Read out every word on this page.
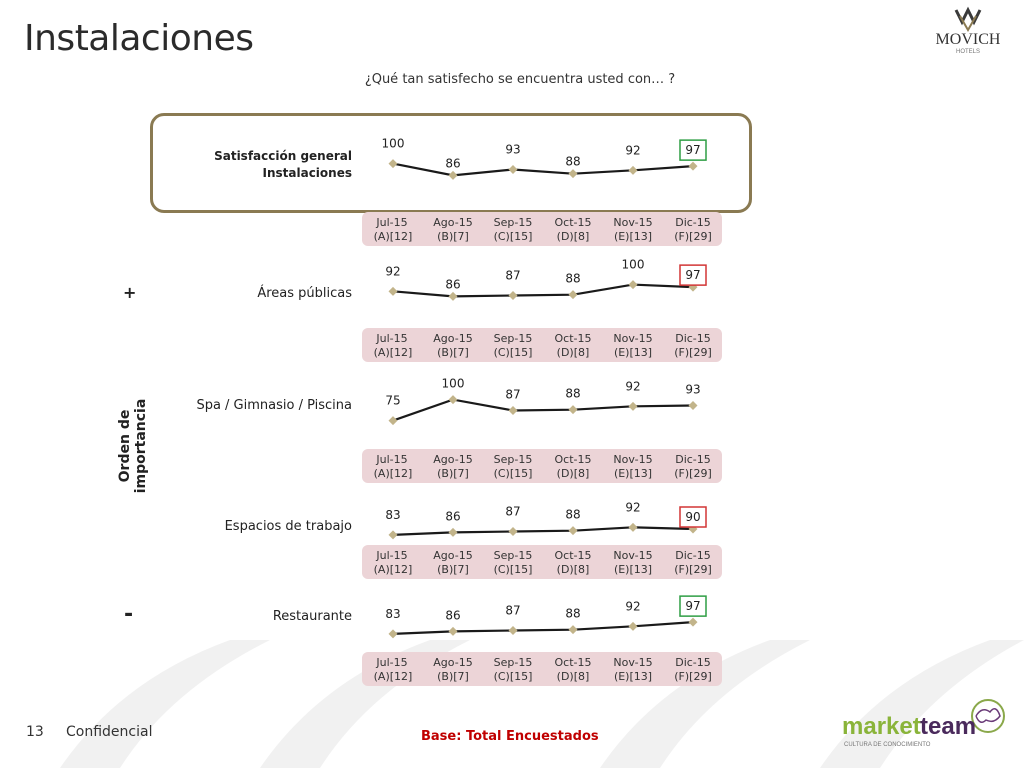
Instalaciones	MOVICH
HOTELS
¿Qué tan satisfecho se encuentra usted con… ?
+
-
Orden de importancia
Satisfacción general
Instalaciones
Áreas públicas
Spa / Gimnasio / Piscina
Espacios de trabajo
Restaurante
100
86
93
88
92	97
Jul-15
(A)[12]
Ago-15
(B)[7]
Sep-15
(C)[15]
Oct-15
(D)[8]
Nov-15
(E)[13]
Dic-15
(F)[29]
92
86
87	88
100
97
Jul-15
(A)[12]
Ago-15
(B)[7]
Sep-15
(C)[15]
Oct-15
(D)[8]
Nov-15
(E)[13]
Dic-15
(F)[29]
75
100
87	88
92	93
Jul-15
(A)[12]
Ago-15
(B)[7]
Sep-15
(C)[15]
Oct-15
(D)[8]
Nov-15
(E)[13]
Dic-15
(F)[29]
83	86	87	88
92
90
Jul-15
(A)[12]
Ago-15
(B)[7]
Sep-15
(C)[15]
Oct-15
(D)[8]
Nov-15
(E)[13]
Dic-15
(F)[29]
83	86	87	88
92	97
Jul-15
(A)[12]
Ago-15
(B)[7]
Sep-15
(C)[15]
Oct-15
(D)[8]
Nov-15
(E)[13]
Dic-15
(F)[29]
13 Confidencial	Base: Total Encuestados	market team
CULTURA DE CONOCIMIENTO
